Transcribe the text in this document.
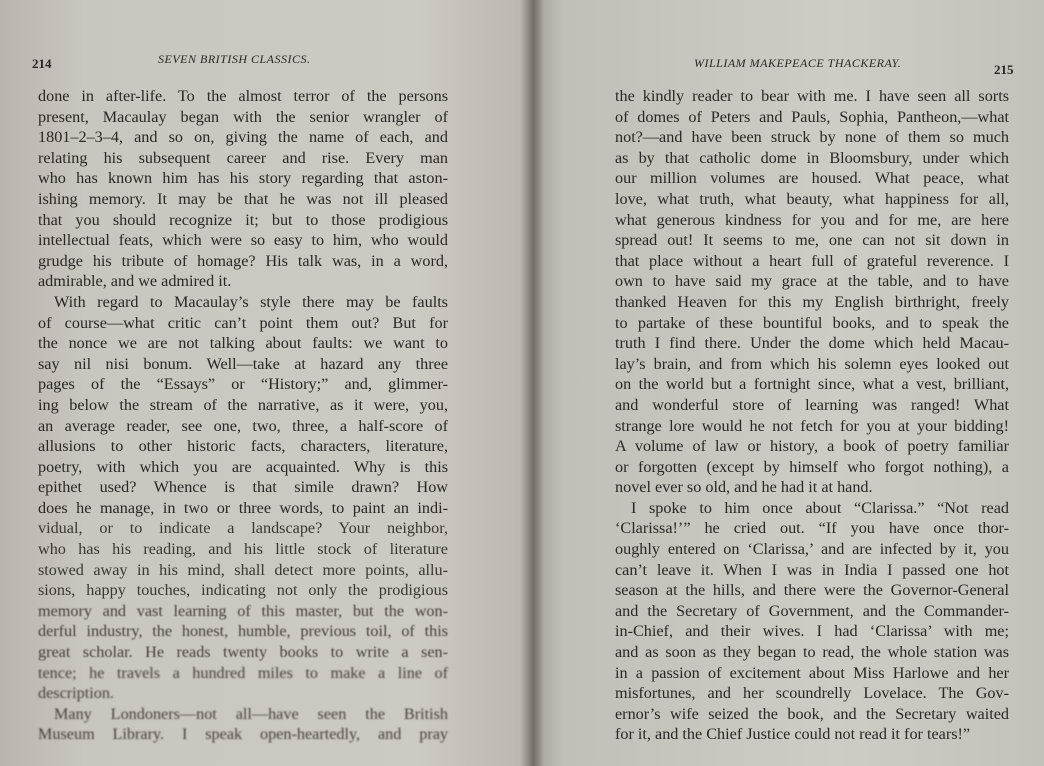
214	SEVEN BRITISH CLASSICS.
done in after-life. To the almost terror of the persons
present, Macaulay began with the senior wrangler of
1801–2–3–4, and so on, giving the name of each, and
relating his subsequent career and rise. Every man
who has known him has his story regarding that aston-
ishing memory. It may be that he was not ill pleased
that you should recognize it; but to those prodigious
intellectual feats, which were so easy to him, who would
grudge his tribute of homage? His talk was, in a word,
admirable, and we admired it.
With regard to Macaulay’s style there may be faults
of course—what critic can’t point them out? But for
the nonce we are not talking about faults: we want to
say nil nisi bonum. Well—take at hazard any three
pages of the “Essays” or “History;” and, glimmer-
ing below the stream of the narrative, as it were, you,
an average reader, see one, two, three, a half-score of
allusions to other historic facts, characters, literature,
poetry, with which you are acquainted. Why is this
epithet used? Whence is that simile drawn? How
does he manage, in two or three words, to paint an indi-
vidual, or to indicate a landscape? Your neighbor,
who has his reading, and his little stock of literature
stowed away in his mind, shall detect more points, allu-
sions, happy touches, indicating not only the prodigious
memory and vast learning of this master, but the won-
derful industry, the honest, humble, previous toil, of this
great scholar. He reads twenty books to write a sen-
tence; he travels a hundred miles to make a line of
description.
Many Londoners—not all—have seen the British
Museum Library. I speak open-heartedly, and pray
WILLIAM MAKEPEACE THACKERAY.	215
the kindly reader to bear with me. I have seen all sorts
of domes of Peters and Pauls, Sophia, Pantheon,—what
not?—and have been struck by none of them so much
as by that catholic dome in Bloomsbury, under which
our million volumes are housed. What peace, what
love, what truth, what beauty, what happiness for all,
what generous kindness for you and for me, are here
spread out! It seems to me, one can not sit down in
that place without a heart full of grateful reverence. I
own to have said my grace at the table, and to have
thanked Heaven for this my English birthright, freely
to partake of these bountiful books, and to speak the
truth I find there. Under the dome which held Macau-
lay’s brain, and from which his solemn eyes looked out
on the world but a fortnight since, what a vest, brilliant,
and wonderful store of learning was ranged! What
strange lore would he not fetch for you at your bidding!
A volume of law or history, a book of poetry familiar
or forgotten (except by himself who forgot nothing), a
novel ever so old, and he had it at hand.
I spoke to him once about “Clarissa.” “Not read
‘Clarissa!’” he cried out. “If you have once thor-
oughly entered on ‘Clarissa,’ and are infected by it, you
can’t leave it. When I was in India I passed one hot
season at the hills, and there were the Governor-General
and the Secretary of Government, and the Commander-
in-Chief, and their wives. I had ‘Clarissa’ with me;
and as soon as they began to read, the whole station was
in a passion of excitement about Miss Harlowe and her
misfortunes, and her scoundrelly Lovelace. The Gov-
ernor’s wife seized the book, and the Secretary waited
for it, and the Chief Justice could not read it for tears!”
